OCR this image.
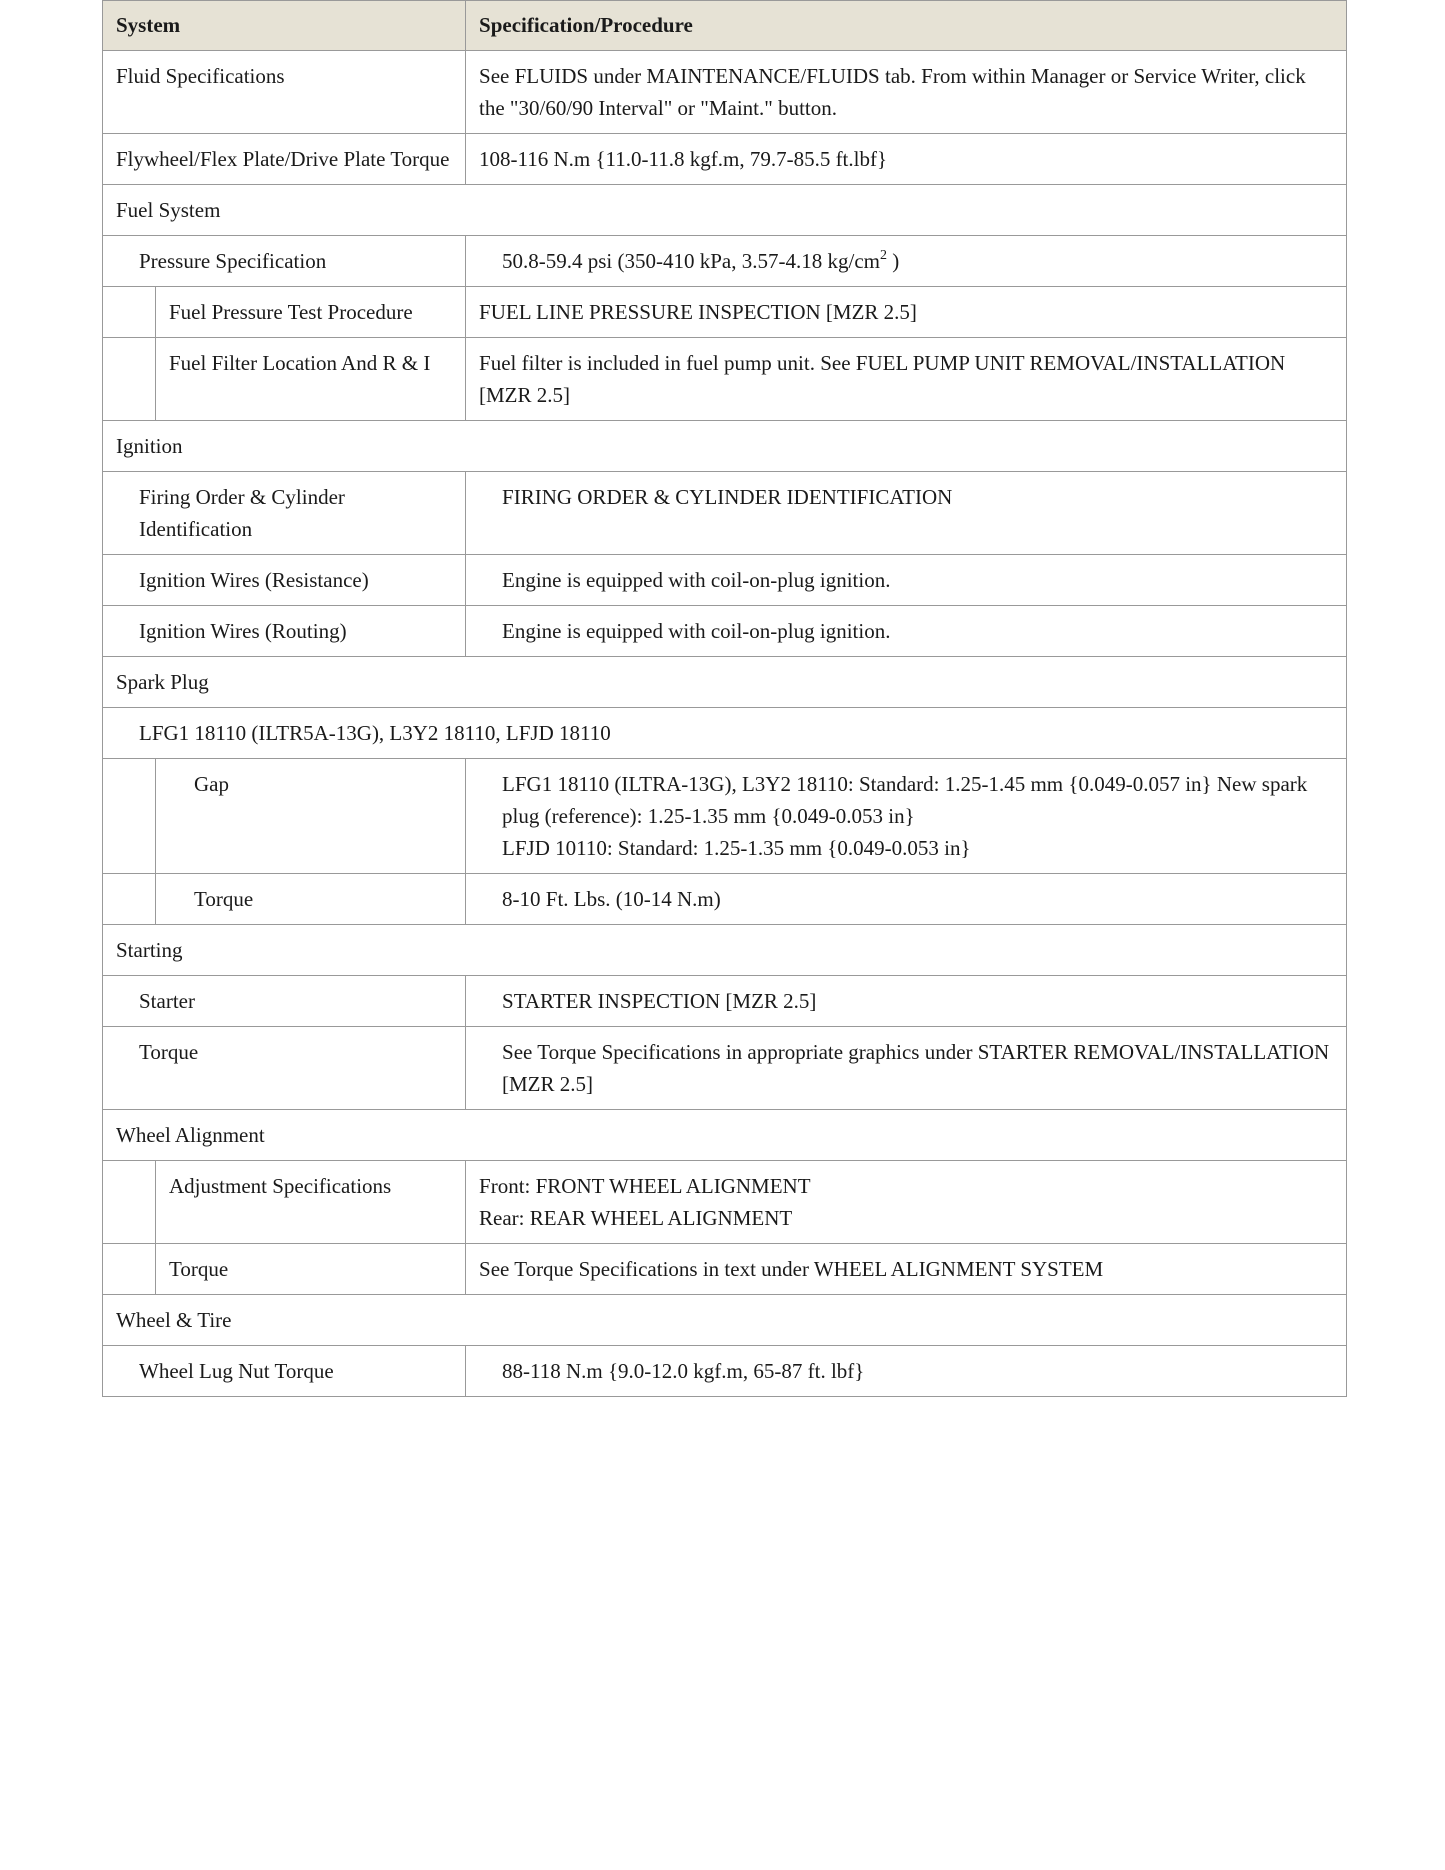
System		Specification/Procedure
Fluid Specifications		See FLUIDS under MAINTENANCE/FLUIDS tab. From within Manager or Service Writer, click the "30/60/90 Interval" or "Maint." button.
Flywheel/Flex Plate/Drive Plate Torque		108-116 N.m {11.0-11.8 kgf.m, 79.7-85.5 ft.lbf}
Fuel System		
Pressure Specification		50.8-59.4 psi (350-410 kPa, 3.57-4.18 $kg/cm^2$ )
	Fuel Pressure Test Procedure	FUEL LINE PRESSURE INSPECTION [MZR 2.5]
	Fuel Filter Location And R & I	Fuel filter is included in fuel pump unit. See FUEL PUMP UNIT REMOVAL/INSTALLATION [MZR 2.5]
Ignition		
Firing Order & Cylinder Identification		FIRING ORDER & CYLINDER IDENTIFICATION
Ignition Wires (Resistance)		Engine is equipped with coil-on-plug ignition.
Ignition Wires (Routing)		Engine is equipped with coil-on-plug ignition.
Spark Plug		
LFG1 18110 (ILTR5A-13G), L3Y2 18110, LFJD 18110		
	Gap	LFG1 18110 (ILTRA-13G), L3Y2 18110: Standard: 1.25-1.45 mm {0.049-0.057 in} New spark plug (reference): 1.25-1.35 mm {0.049-0.053 in}
LFJD 10110: Standard: 1.25-1.35 mm {0.049-0.053 in}

	Torque	8-10 Ft. Lbs. (10-14 N.m)
Starting		
Starter		STARTER INSPECTION [MZR 2.5]
Torque		See Torque Specifications in appropriate graphics under STARTER REMOVAL/INSTALLATION [MZR 2.5]
Wheel Alignment		
	Adjustment Specifications	Front: FRONT WHEEL ALIGNMENT
Rear: REAR WHEEL ALIGNMENT

	Torque	See Torque Specifications in text under WHEEL ALIGNMENT SYSTEM
Wheel & Tire		
Wheel Lug Nut Torque		88-118 N.m {9.0-12.0 kgf.m, 65-87 ft. lbf}
